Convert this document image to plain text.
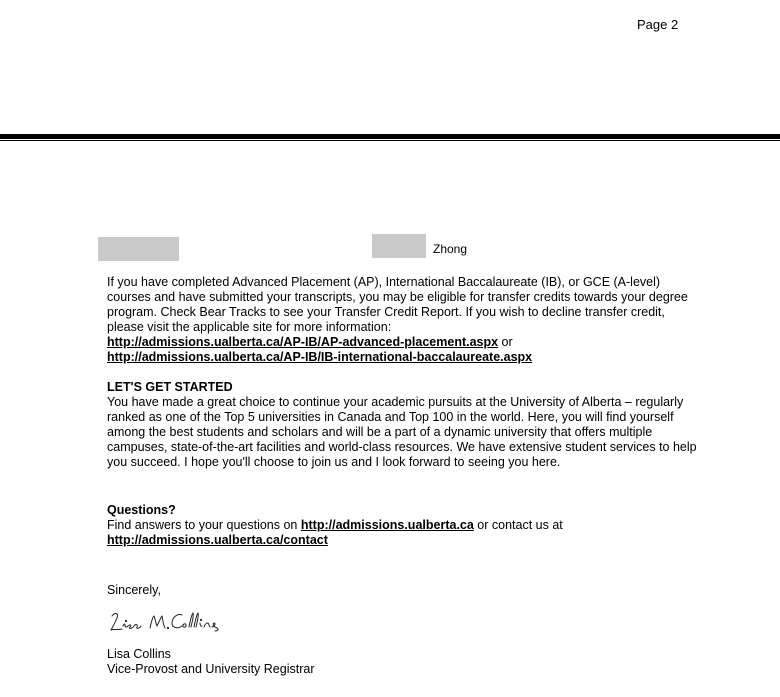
Page 2
Zhong

If you have completed Advanced Placement (AP), International Baccalaureate (IB), or GCE (A-level) courses and have submitted your transcripts, you may be eligible for transfer credits towards your degree program. Check Bear Tracks to see your Transfer Credit Report. If you wish to decline transfer credit, please visit the applicable site for more information:

http://admissions.ualberta.ca/AP-IB/AP-advanced-placement.aspx or

http://admissions.ualberta.ca/AP-IB/IB-international-baccalaureate.aspx

LET'S GET STARTED

You have made a great choice to continue your academic pursuits at the University of Alberta – regularly ranked as one of the Top 5 universities in Canada and Top 100 in the world. Here, you will find yourself among the best students and scholars and will be a part of a dynamic university that offers multiple campuses, state-of-the-art facilities and world-class resources. We have extensive student services to help you succeed. I hope you'll choose to join us and I look forward to seeing you here.

Questions?

Find answers to your questions on http://admissions.ualberta.ca or contact us at

http://admissions.ualberta.ca/contact

Sincerely,

Lisa Collins

Vice-Provost and University Registrar
